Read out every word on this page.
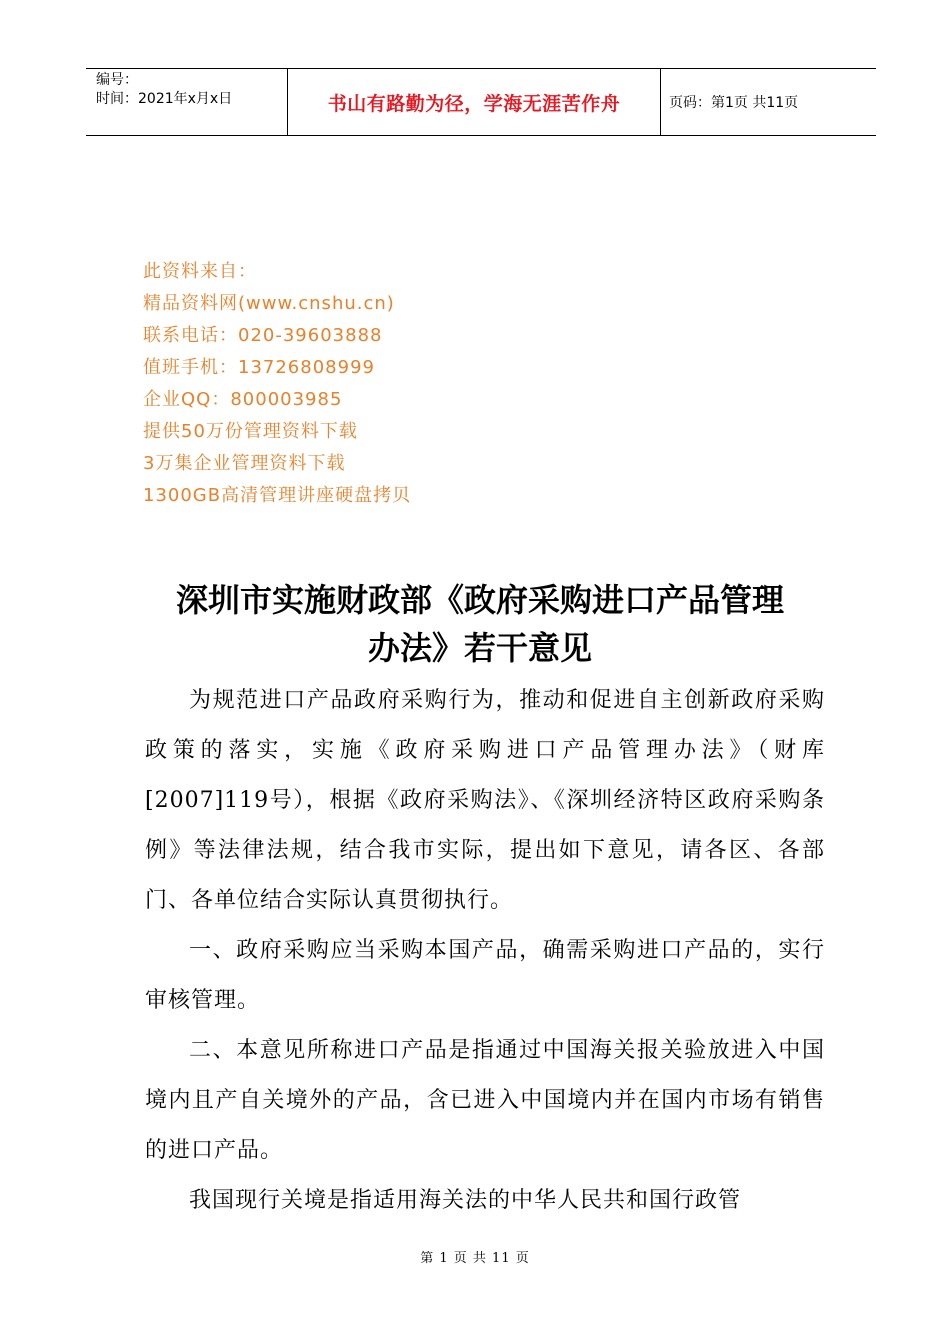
编号：
时间：2021年x月x日	书山有路勤为径，学海无涯苦作舟	页码：第1页 共11页
此资料来自：
精品资料网(www.cnshu.cn)
联系电话：020-39603888
值班手机：13726808999
企业QQ：800003985
提供50万份管理资料下载
3万集企业管理资料下载
1300GB高清管理讲座硬盘拷贝
深圳市实施财政部《政府采购进口产品管理
办法》若干意见

为规范进口产品政府采购行为，推动和促进自主创新政府采购政策的落实，实施《政府采购进口产品管理办法》（财库[2007]119号），根据《政府采购法》、《深圳经济特区政府采购条例》等法律法规，结合我市实际，提出如下意见，请各区、各部门、各单位结合实际认真贯彻执行。

一、政府采购应当采购本国产品，确需采购进口产品的，实行审核管理。

二、本意见所称进口产品是指通过中国海关报关验放进入中国境内且产自关境外的产品，含已进入中国境内并在国内市场有销售的进口产品。

我国现行关境是指适用海关法的中华人民共和国行政管

第 1 页 共 11 页
